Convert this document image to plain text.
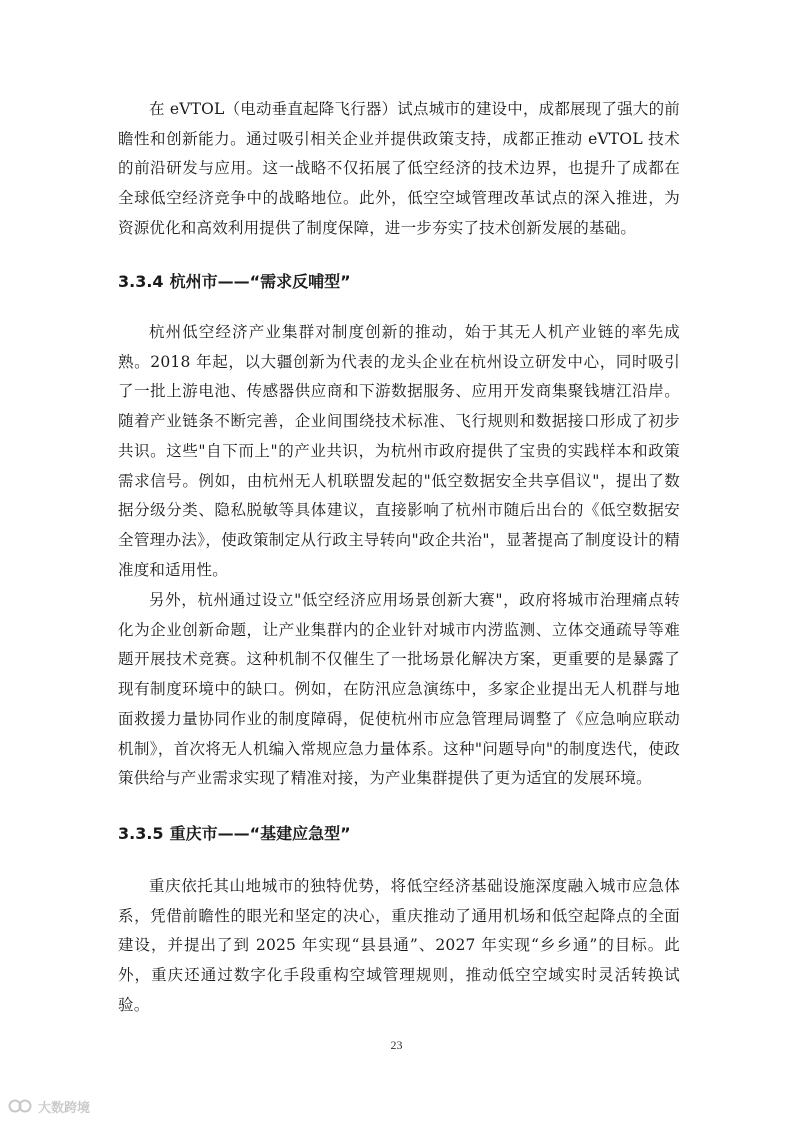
在 eVTOL（电动垂直起降飞行器）试点城市的建设中，成都展现了强大的前瞻性和创新能力。通过吸引相关企业并提供政策支持，成都正推动 eVTOL 技术的前沿研发与应用。这一战略不仅拓展了低空经济的技术边界，也提升了成都在全球低空经济竞争中的战略地位。此外，低空空域管理改革试点的深入推进，为资源优化和高效利用提供了制度保障，进一步夯实了技术创新发展的基础。

3.3.4 杭州市——“需求反哺型”

杭州低空经济产业集群对制度创新的推动，始于其无人机产业链的率先成熟。2018 年起，以大疆创新为代表的龙头企业在杭州设立研发中心，同时吸引了一批上游电池、传感器供应商和下游数据服务、应用开发商集聚钱塘江沿岸。随着产业链条不断完善，企业间围绕技术标准、飞行规则和数据接口形成了初步共识。这些"自下而上"的产业共识，为杭州市政府提供了宝贵的实践样本和政策需求信号。例如，由杭州无人机联盟发起的"低空数据安全共享倡议"，提出了数据分级分类、隐私脱敏等具体建议，直接影响了杭州市随后出台的《低空数据安全管理办法》，使政策制定从行政主导转向"政企共治"，显著提高了制度设计的精准度和适用性。

另外，杭州通过设立"低空经济应用场景创新大赛"，政府将城市治理痛点转化为企业创新命题，让产业集群内的企业针对城市内涝监测、立体交通疏导等难题开展技术竞赛。这种机制不仅催生了一批场景化解决方案，更重要的是暴露了现有制度环境中的缺口。例如，在防汛应急演练中，多家企业提出无人机群与地面救援力量协同作业的制度障碍，促使杭州市应急管理局调整了《应急响应联动机制》，首次将无人机编入常规应急力量体系。这种"问题导向"的制度迭代，使政策供给与产业需求实现了精准对接，为产业集群提供了更为适宜的发展环境。

3.3.5 重庆市——“基建应急型”

重庆依托其山地城市的独特优势，将低空经济基础设施深度融入城市应急体系，凭借前瞻性的眼光和坚定的决心，重庆推动了通用机场和低空起降点的全面建设，并提出了到 2025 年实现“县县通”、2027 年实现“乡乡通”的目标。此外，重庆还通过数字化手段重构空域管理规则，推动低空空域实时灵活转换试验。

23
大数跨境
